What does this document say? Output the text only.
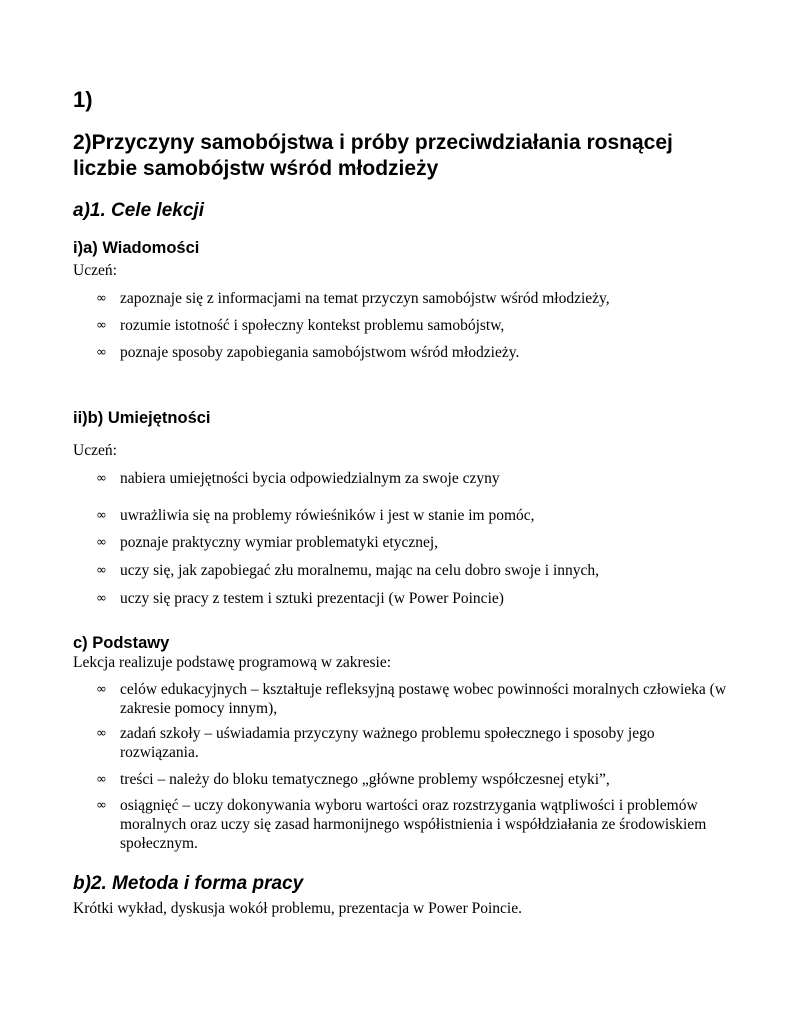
1)
2)Przyczyny samobójstwa i próby przeciwdziałania rosnącej liczbie samobójstw wśród młodzieży
a)1. Cele lekcji
i)a) Wiadomości

Uczeń:

∞ zapoznaje się z informacjami na temat przyczyn samobójstw wśród młodzieży,
∞ rozumie istotność i społeczny kontekst problemu samobójstw,
∞ poznaje sposoby zapobiegania samobójstwom wśród młodzieży.
ii)b) Umiejętności

Uczeń:

∞ nabiera umiejętności bycia odpowiedzialnym za swoje czyny
∞ uwrażliwia się na problemy rówieśników i jest w stanie im pomóc,
∞ poznaje praktyczny wymiar problematyki etycznej,
∞ uczy się, jak zapobiegać złu moralnemu, mając na celu dobro swoje i innych,
∞ uczy się pracy z testem i sztuki prezentacji (w Power Poincie)
c) Podstawy

Lekcja realizuje podstawę programową w zakresie:

∞ celów edukacyjnych – kształtuje refleksyjną postawę wobec powinności moralnych człowieka (w zakresie pomocy innym),
∞ zadań szkoły – uświadamia przyczyny ważnego problemu społecznego i sposoby jego rozwiązania.
∞ treści – należy do bloku tematycznego „główne problemy współczesnej etyki”,
∞ osiągnięć – uczy dokonywania wyboru wartości oraz rozstrzygania wątpliwości i problemów moralnych oraz uczy się zasad harmonijnego współistnienia i współdziałania ze środowiskiem społecznym.
b)2. Metoda i forma pracy

Krótki wykład, dyskusja wokół problemu, prezentacja w Power Poincie.
